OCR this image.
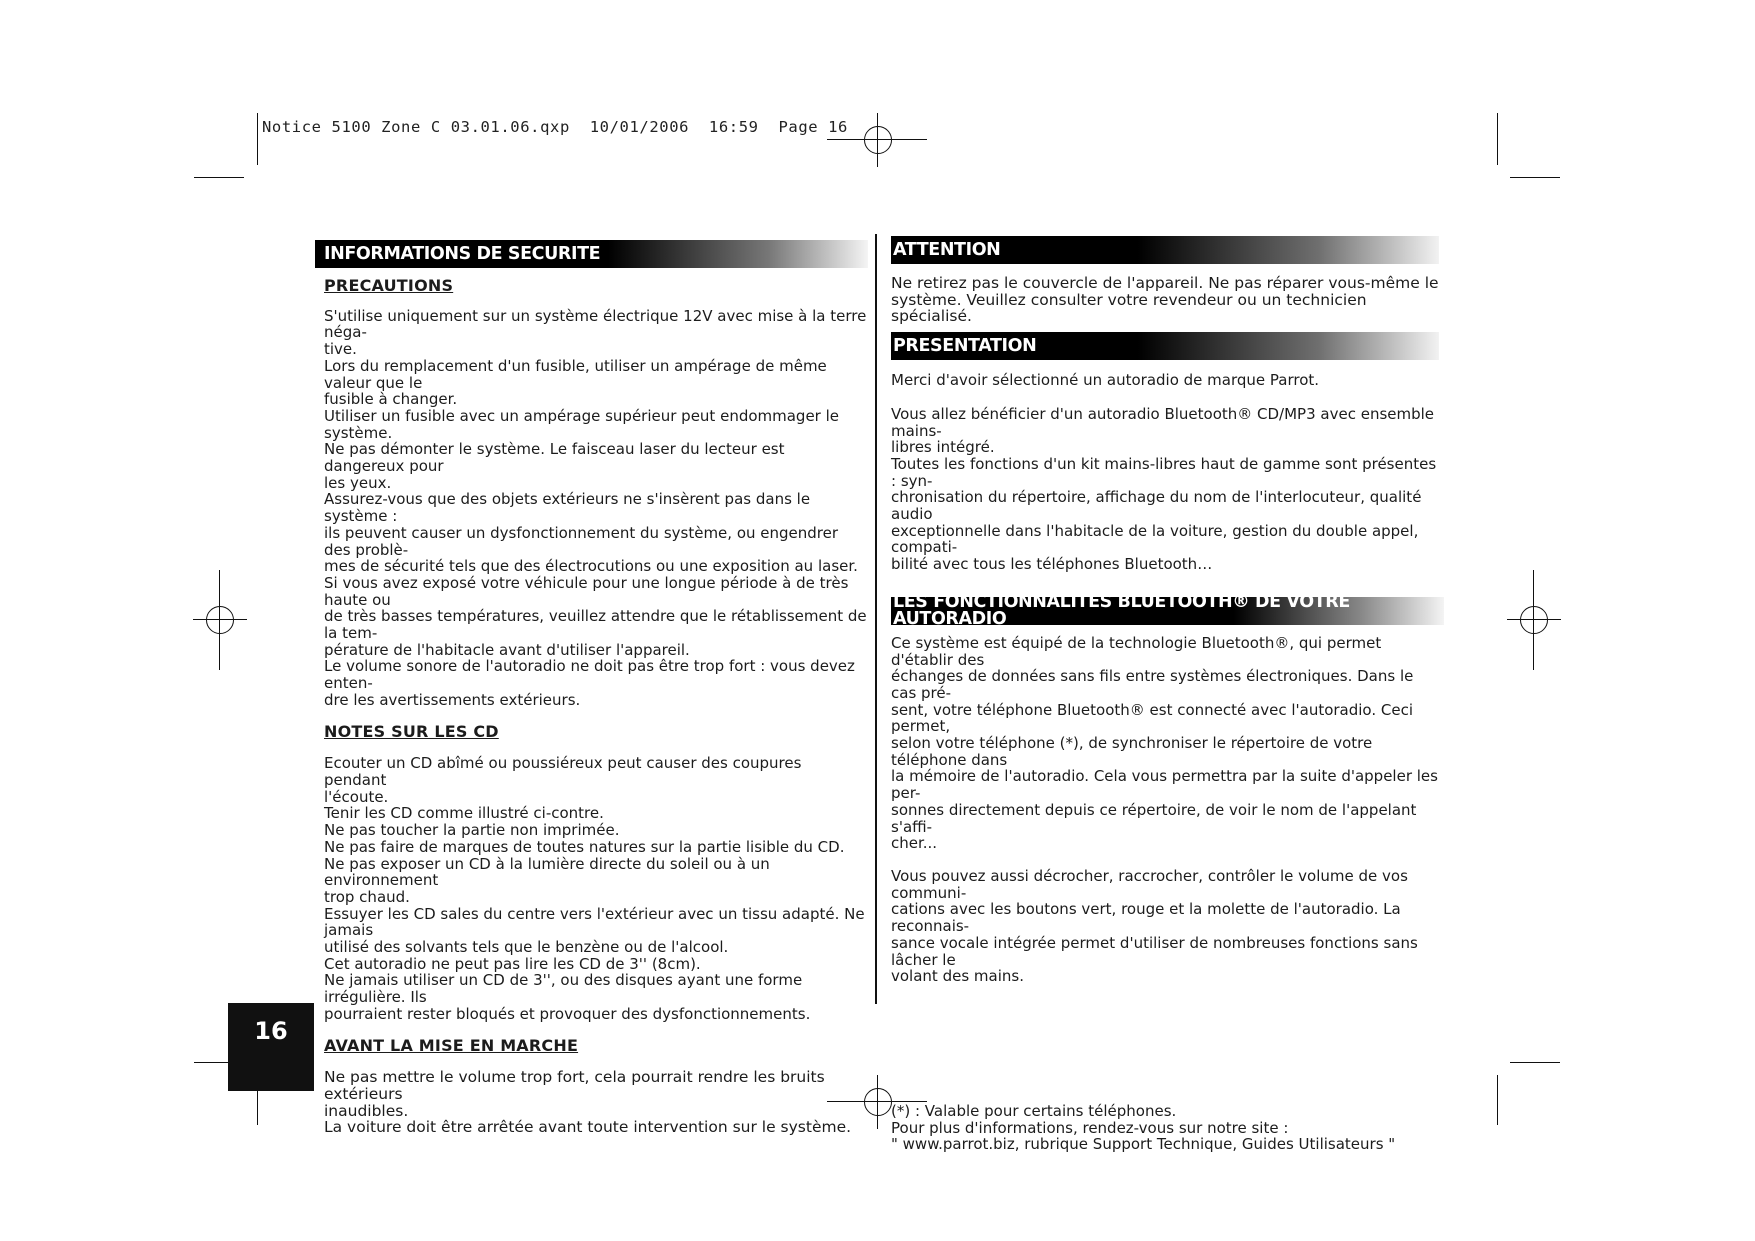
Notice 5100 Zone C 03.01.06.qxp  10/01/2006  16:59  Page 16
INFORMATIONS DE SECURITE
PRECAUTIONS

S'utilise uniquement sur un système électrique 12V avec mise à la terre néga-

tive.

Lors du remplacement d'un fusible, utiliser un ampérage de même valeur que le

fusible à changer.

Utiliser un fusible avec un ampérage supérieur peut endommager le système.

Ne pas démonter le système. Le faisceau laser du lecteur est dangereux pour

les yeux.

Assurez-vous que des objets extérieurs ne s'insèrent pas dans le système :

ils peuvent causer un dysfonctionnement du système, ou engendrer des problè-

mes de sécurité tels que des électrocutions ou une exposition au laser.

Si vous avez exposé votre véhicule pour une longue période à de très haute ou

de très basses températures, veuillez attendre que le rétablissement de la tem-

pérature de l'habitacle avant d'utiliser l'appareil.

Le volume sonore de l'autoradio ne doit pas être trop fort : vous devez enten-

dre les avertissements extérieurs.

NOTES SUR LES CD

Ecouter un CD abîmé ou poussiéreux peut causer des coupures pendant

l'écoute.

Tenir les CD comme illustré ci-contre.

Ne pas toucher la partie non imprimée.

Ne pas faire de marques de toutes natures sur la partie lisible du CD.

Ne pas exposer un CD à la lumière directe du soleil ou à un environnement

trop chaud.

Essuyer les CD sales du centre vers l'extérieur avec un tissu adapté. Ne jamais

utilisé des solvants tels que le benzène ou de l'alcool.

Cet autoradio ne peut pas lire les CD de 3'' (8cm).

Ne jamais utiliser un CD de 3'', ou des disques ayant une forme irrégulière. Ils

pourraient rester bloqués et provoquer des dysfonctionnements.

AVANT LA MISE EN MARCHE

Ne pas mettre le volume trop fort, cela pourrait rendre les bruits extérieurs

inaudibles.

La voiture doit être arrêtée avant toute intervention sur le système.

ATTENTION

Ne retirez pas le couvercle de l'appareil. Ne pas réparer vous-même le

système. Veuillez consulter votre revendeur ou un technicien spécialisé.

PRESENTATION

Merci d'avoir sélectionné un autoradio de marque Parrot.

Vous allez bénéficier d'un autoradio Bluetooth® CD/MP3 avec ensemble mains-

libres intégré.

Toutes les fonctions d'un kit mains-libres haut de gamme sont présentes : syn-

chronisation du répertoire, affichage du nom de l'interlocuteur, qualité audio

exceptionnelle dans l'habitacle de la voiture, gestion du double appel, compati-

bilité avec tous les téléphones Bluetooth…

LES FONCTIONNALITES BLUETOOTH® DE VOTRE AUTORADIO

Ce système est équipé de la technologie Bluetooth®, qui permet d'établir des

échanges de données sans fils entre systèmes électroniques. Dans le cas pré-

sent, votre téléphone Bluetooth® est connecté avec l'autoradio. Ceci permet,

selon votre téléphone (*), de synchroniser le répertoire de votre téléphone dans

la mémoire de l'autoradio. Cela vous permettra par la suite d'appeler les per-

sonnes directement depuis ce répertoire, de voir le nom de l'appelant s'affi-

cher...

Vous pouvez aussi décrocher, raccrocher, contrôler le volume de vos communi-

cations avec les boutons vert, rouge et la molette de l'autoradio. La reconnais-

sance vocale intégrée permet d'utiliser de nombreuses fonctions sans lâcher le

volant des mains.

(*) : Valable pour certains téléphones.

Pour plus d'informations, rendez-vous sur notre site :

" www.parrot.biz, rubrique Support Technique, Guides Utilisateurs "

16
